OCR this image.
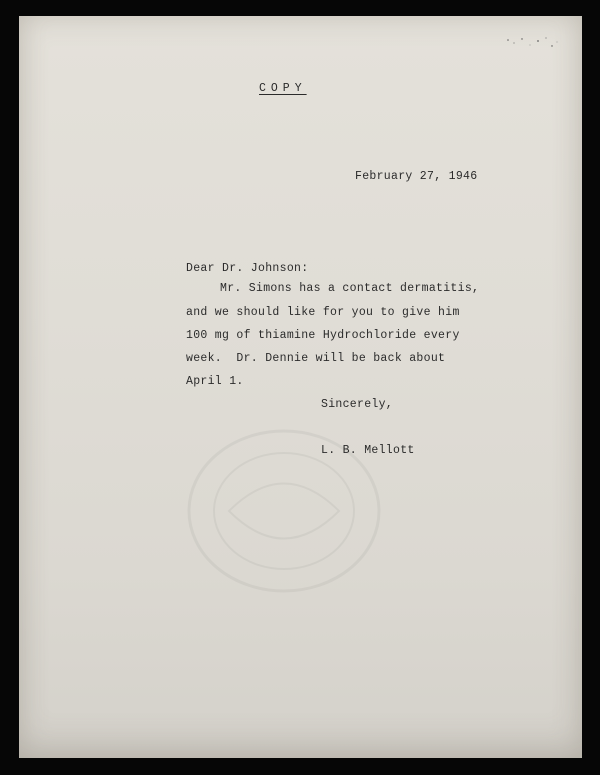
COPY

February 27, 1946

Dear Dr. Johnson:

Mr. Simons has a contact dermatitis,

and we should like for you to give him

100 mg of thiamine Hydrochloride every

week.  Dr. Dennie will be back about

April 1.

Sincerely,

L. B. Mellott
